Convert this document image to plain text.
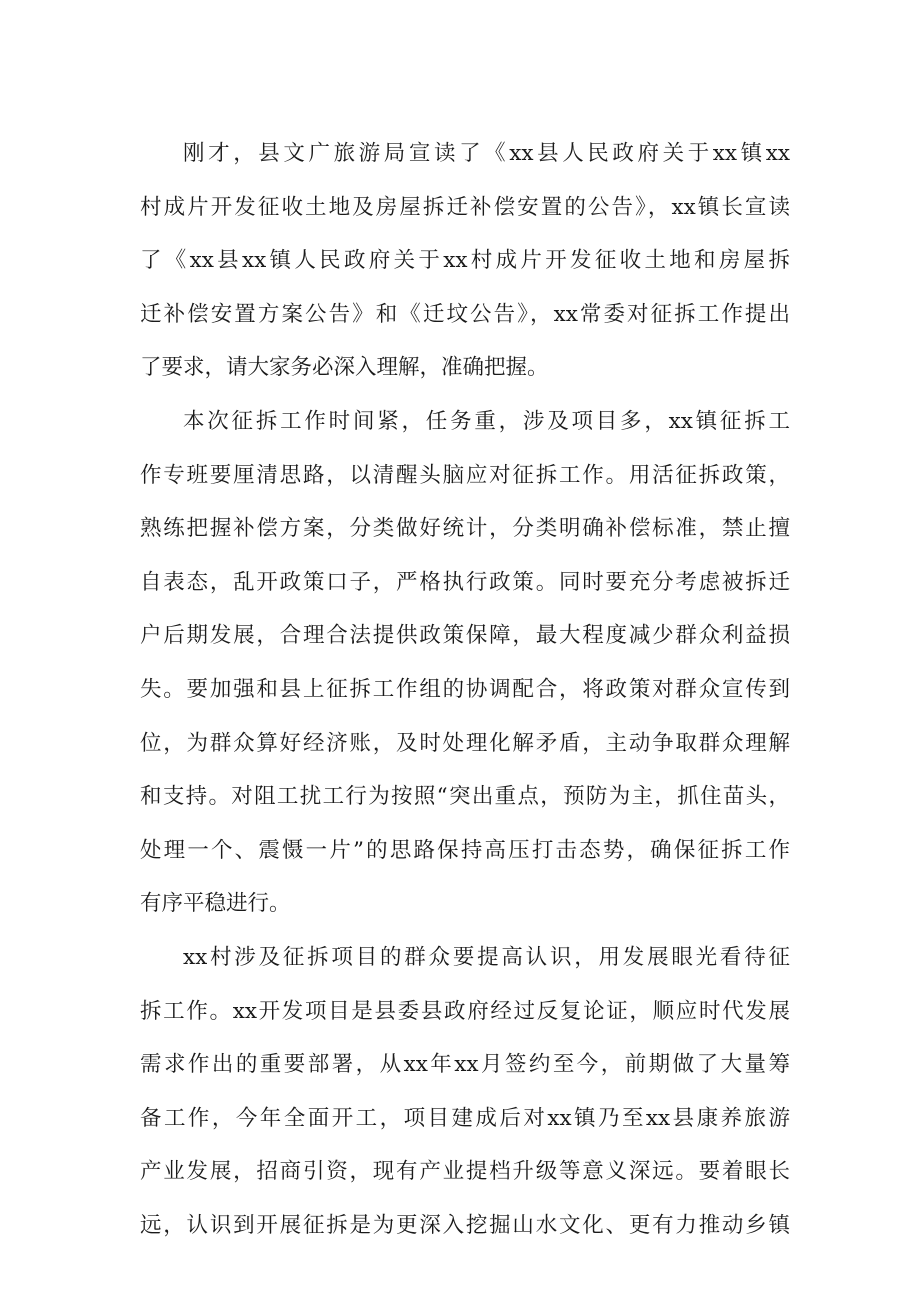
刚才，县文广旅游局宣读了《xx县人民政府关于xx镇xx
村成片开发征收土地及房屋拆迁补偿安置的公告》，xx镇长宣读
了《xx县xx镇人民政府关于xx村成片开发征收土地和房屋拆
迁补偿安置方案公告》和《迁坟公告》，xx常委对征拆工作提出
了要求，请大家务必深入理解，准确把握。

本次征拆工作时间紧，任务重，涉及项目多，xx镇征拆工
作专班要厘清思路，以清醒头脑应对征拆工作。用活征拆政策，
熟练把握补偿方案，分类做好统计，分类明确补偿标准，禁止擅
自表态，乱开政策口子，严格执行政策。同时要充分考虑被拆迁
户后期发展，合理合法提供政策保障，最大程度减少群众利益损
失。要加强和县上征拆工作组的协调配合，将政策对群众宣传到
位，为群众算好经济账，及时处理化解矛盾，主动争取群众理解
和支持。对阻工扰工行为按照“突出重点，预防为主，抓住苗头，
处理一个、震慑一片”的思路保持高压打击态势，确保征拆工作
有序平稳进行。

xx村涉及征拆项目的群众要提高认识，用发展眼光看待征
拆工作。xx开发项目是县委县政府经过反复论证，顺应时代发展
需求作出的重要部署，从xx年xx月签约至今，前期做了大量筹
备工作，今年全面开工，项目建成后对xx镇乃至xx县康养旅游
产业发展，招商引资，现有产业提档升级等意义深远。要着眼长
远，认识到开展征拆是为更深入挖掘山水文化、更有力推动乡镇
